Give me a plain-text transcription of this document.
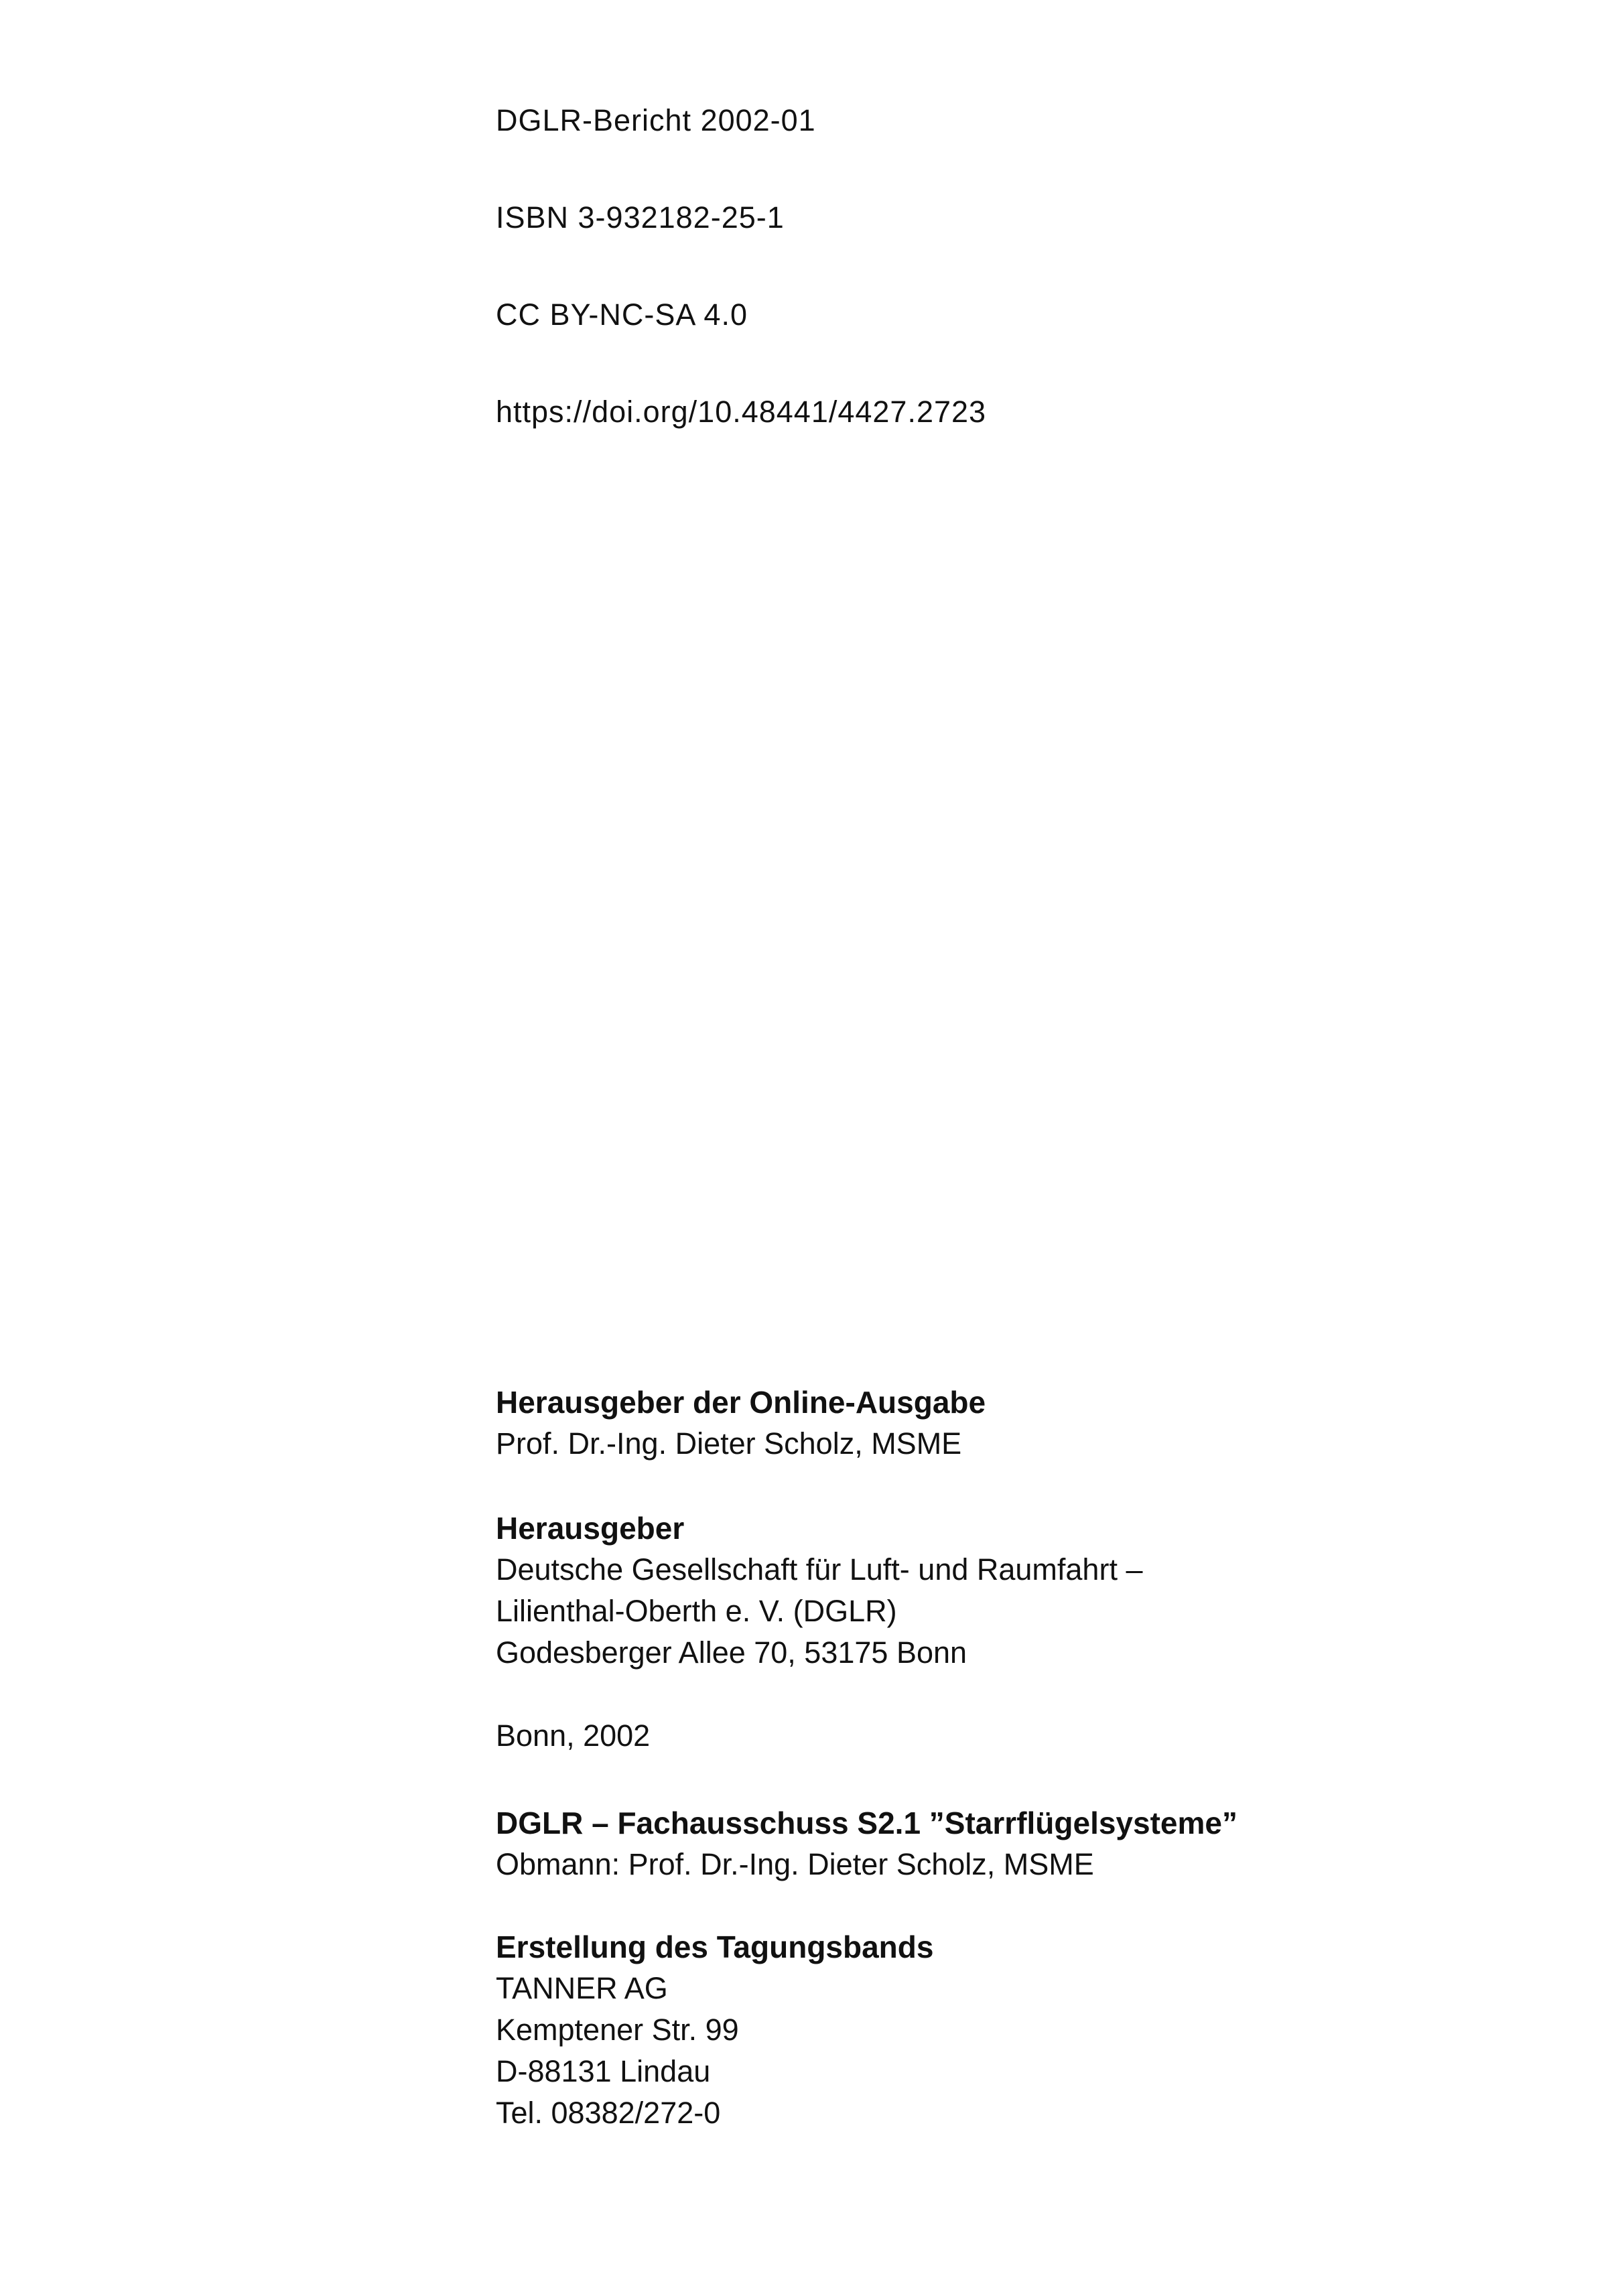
DGLR-Bericht 2002-01
ISBN 3-932182-25-1
CC BY-NC-SA 4.0
https://doi.org/10.48441/4427.2723
Herausgeber der Online-Ausgabe
Prof. Dr.-Ing. Dieter Scholz, MSME
Herausgeber
Deutsche Gesellschaft für Luft- und Raumfahrt –
Lilienthal-Oberth e. V. (DGLR)
Godesberger Allee 70, 53175 Bonn
Bonn, 2002
DGLR – Fachausschuss S2.1 ”Starrflügelsysteme”
Obmann: Prof. Dr.-Ing. Dieter Scholz, MSME
Erstellung des Tagungsbands
TANNER AG
Kemptener Str. 99
D-88131 Lindau
Tel. 08382/272-0
